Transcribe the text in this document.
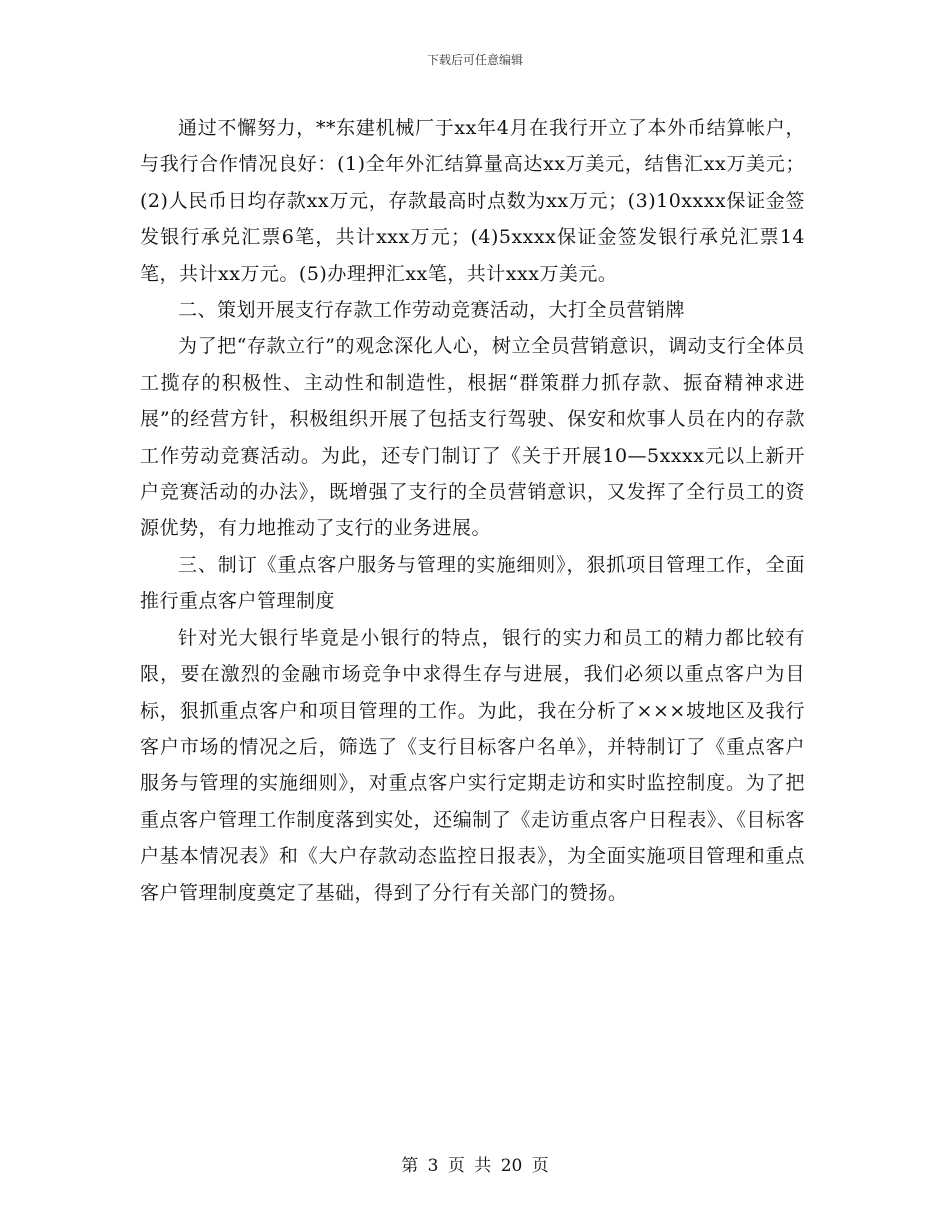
下载后可任意编辑

通过不懈努力，**东建机械厂于xx年4月在我行开立了本外币结算帐户，与我行合作情况良好：(1)全年外汇结算量高达xx万美元，结售汇xx万美元；(2)人民币日均存款xx万元，存款最高时点数为xx万元；(3)10xxxx保证金签发银行承兑汇票6笔，共计xxx万元；(4)5xxxx保证金签发银行承兑汇票14笔，共计xx万元。(5)办理押汇xx笔，共计xxx万美元。

二、策划开展支行存款工作劳动竞赛活动，大打全员营销牌

为了把“存款立行”的观念深化人心，树立全员营销意识，调动支行全体员工揽存的积极性、主动性和制造性，根据“群策群力抓存款、振奋精神求进展”的经营方针，积极组织开展了包括支行驾驶、保安和炊事人员在内的存款工作劳动竞赛活动。为此，还专门制订了《关于开展10—5xxxx元以上新开户竞赛活动的办法》，既增强了支行的全员营销意识，又发挥了全行员工的资源优势，有力地推动了支行的业务进展。

三、制订《重点客户服务与管理的实施细则》，狠抓项目管理工作，全面推行重点客户管理制度

针对光大银行毕竟是小银行的特点，银行的实力和员工的精力都比较有限，要在激烈的金融市场竞争中求得生存与进展，我们必须以重点客户为目标，狠抓重点客户和项目管理的工作。为此，我在分析了×××坡地区及我行客户市场的情况之后，筛选了《支行目标客户名单》，并特制订了《重点客户服务与管理的实施细则》，对重点客户实行定期走访和实时监控制度。为了把重点客户管理工作制度落到实处，还编制了《走访重点客户日程表》、《目标客户基本情况表》和《大户存款动态监控日报表》，为全面实施项目管理和重点客户管理制度奠定了基础，得到了分行有关部门的赞扬。

第 3 页 共 20 页
